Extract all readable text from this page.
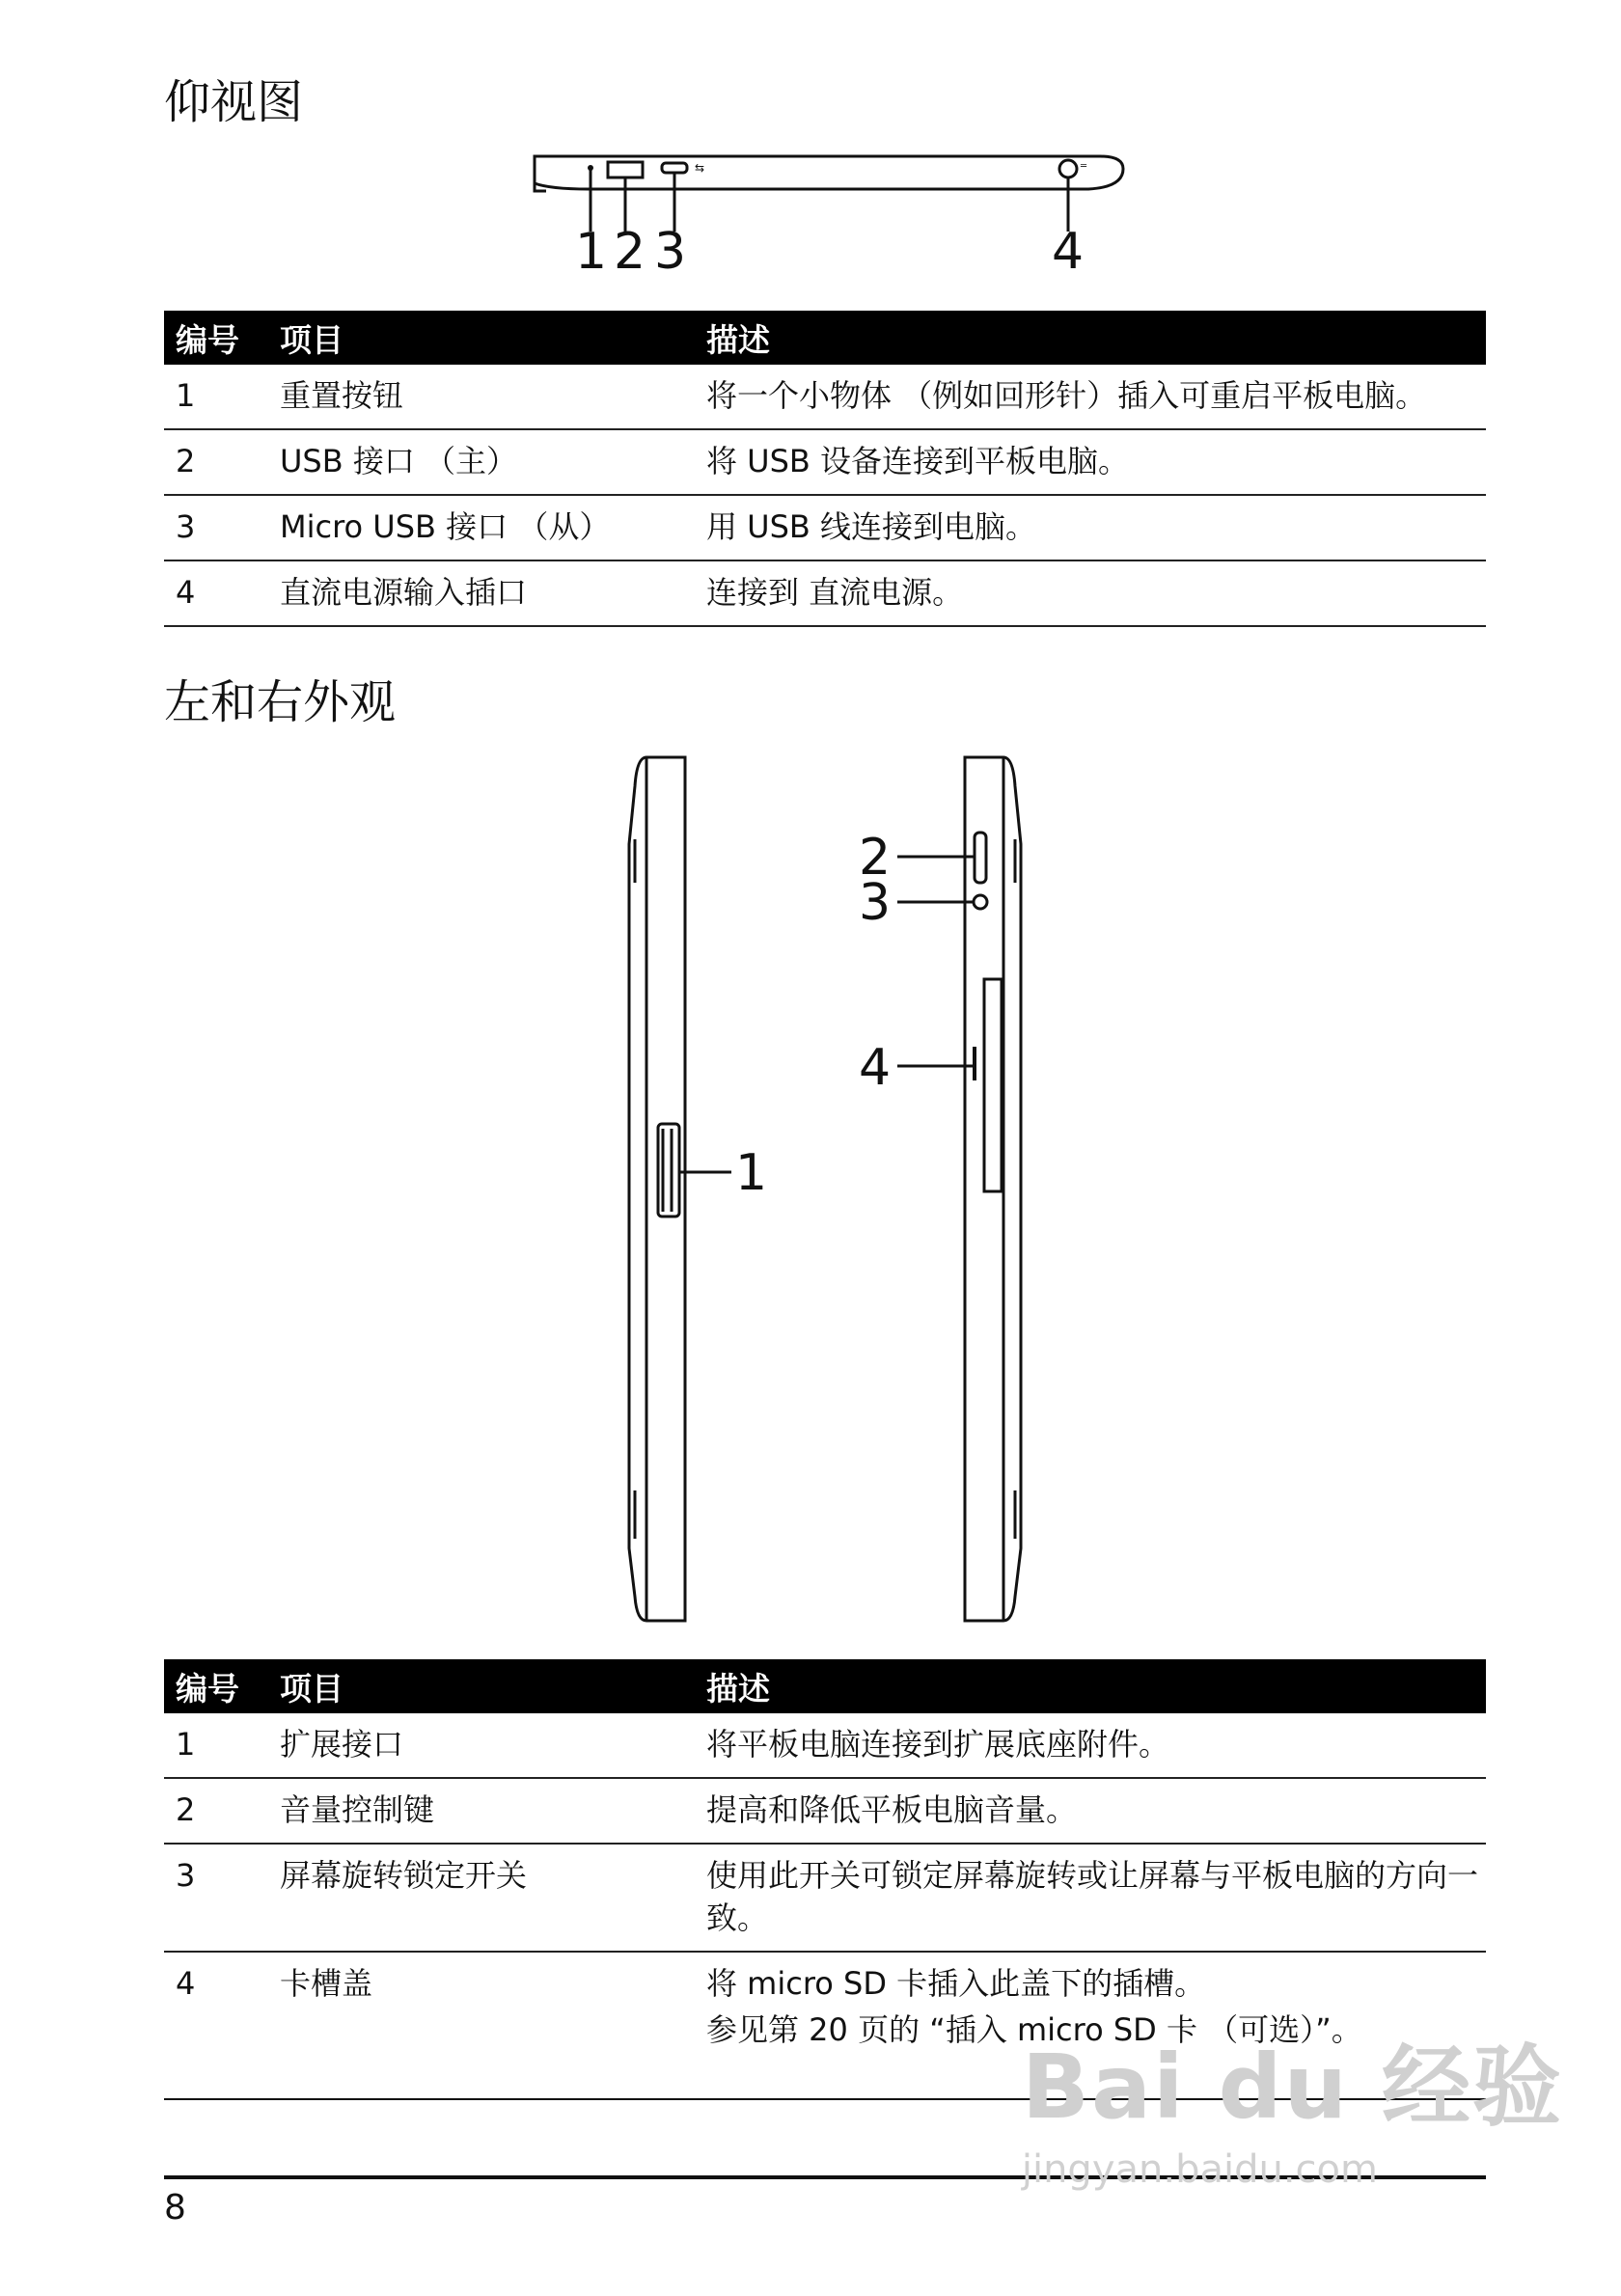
仰视图
⇆	═
1 2 3	4
编号	项目	描述
1	重置按钮	将一个小物体 （例如回形针）插入可重启平板电脑。
2	USB 接口 （主）	将 USB 设备连接到平板电脑。
3	Micro USB 接口 （从）	用 USB 线连接到电脑。
4	直流电源输入插口	连接到 直流电源。
左和右外观
1
2
3
4
编号	项目	描述
1	扩展接口	将平板电脑连接到扩展底座附件。
2	音量控制键	提高和降低平板电脑音量。
3	屏幕旋转锁定开关	使用此开关可锁定屏幕旋转或让屏幕与平板电脑的方向一致。
4	卡槽盖	将 micro SD 卡插入此盖下的插槽。
参见第 20 页的 “插入 micro SD 卡 （可选）”。
8
Bai du 经验
jingyan.baidu.com
